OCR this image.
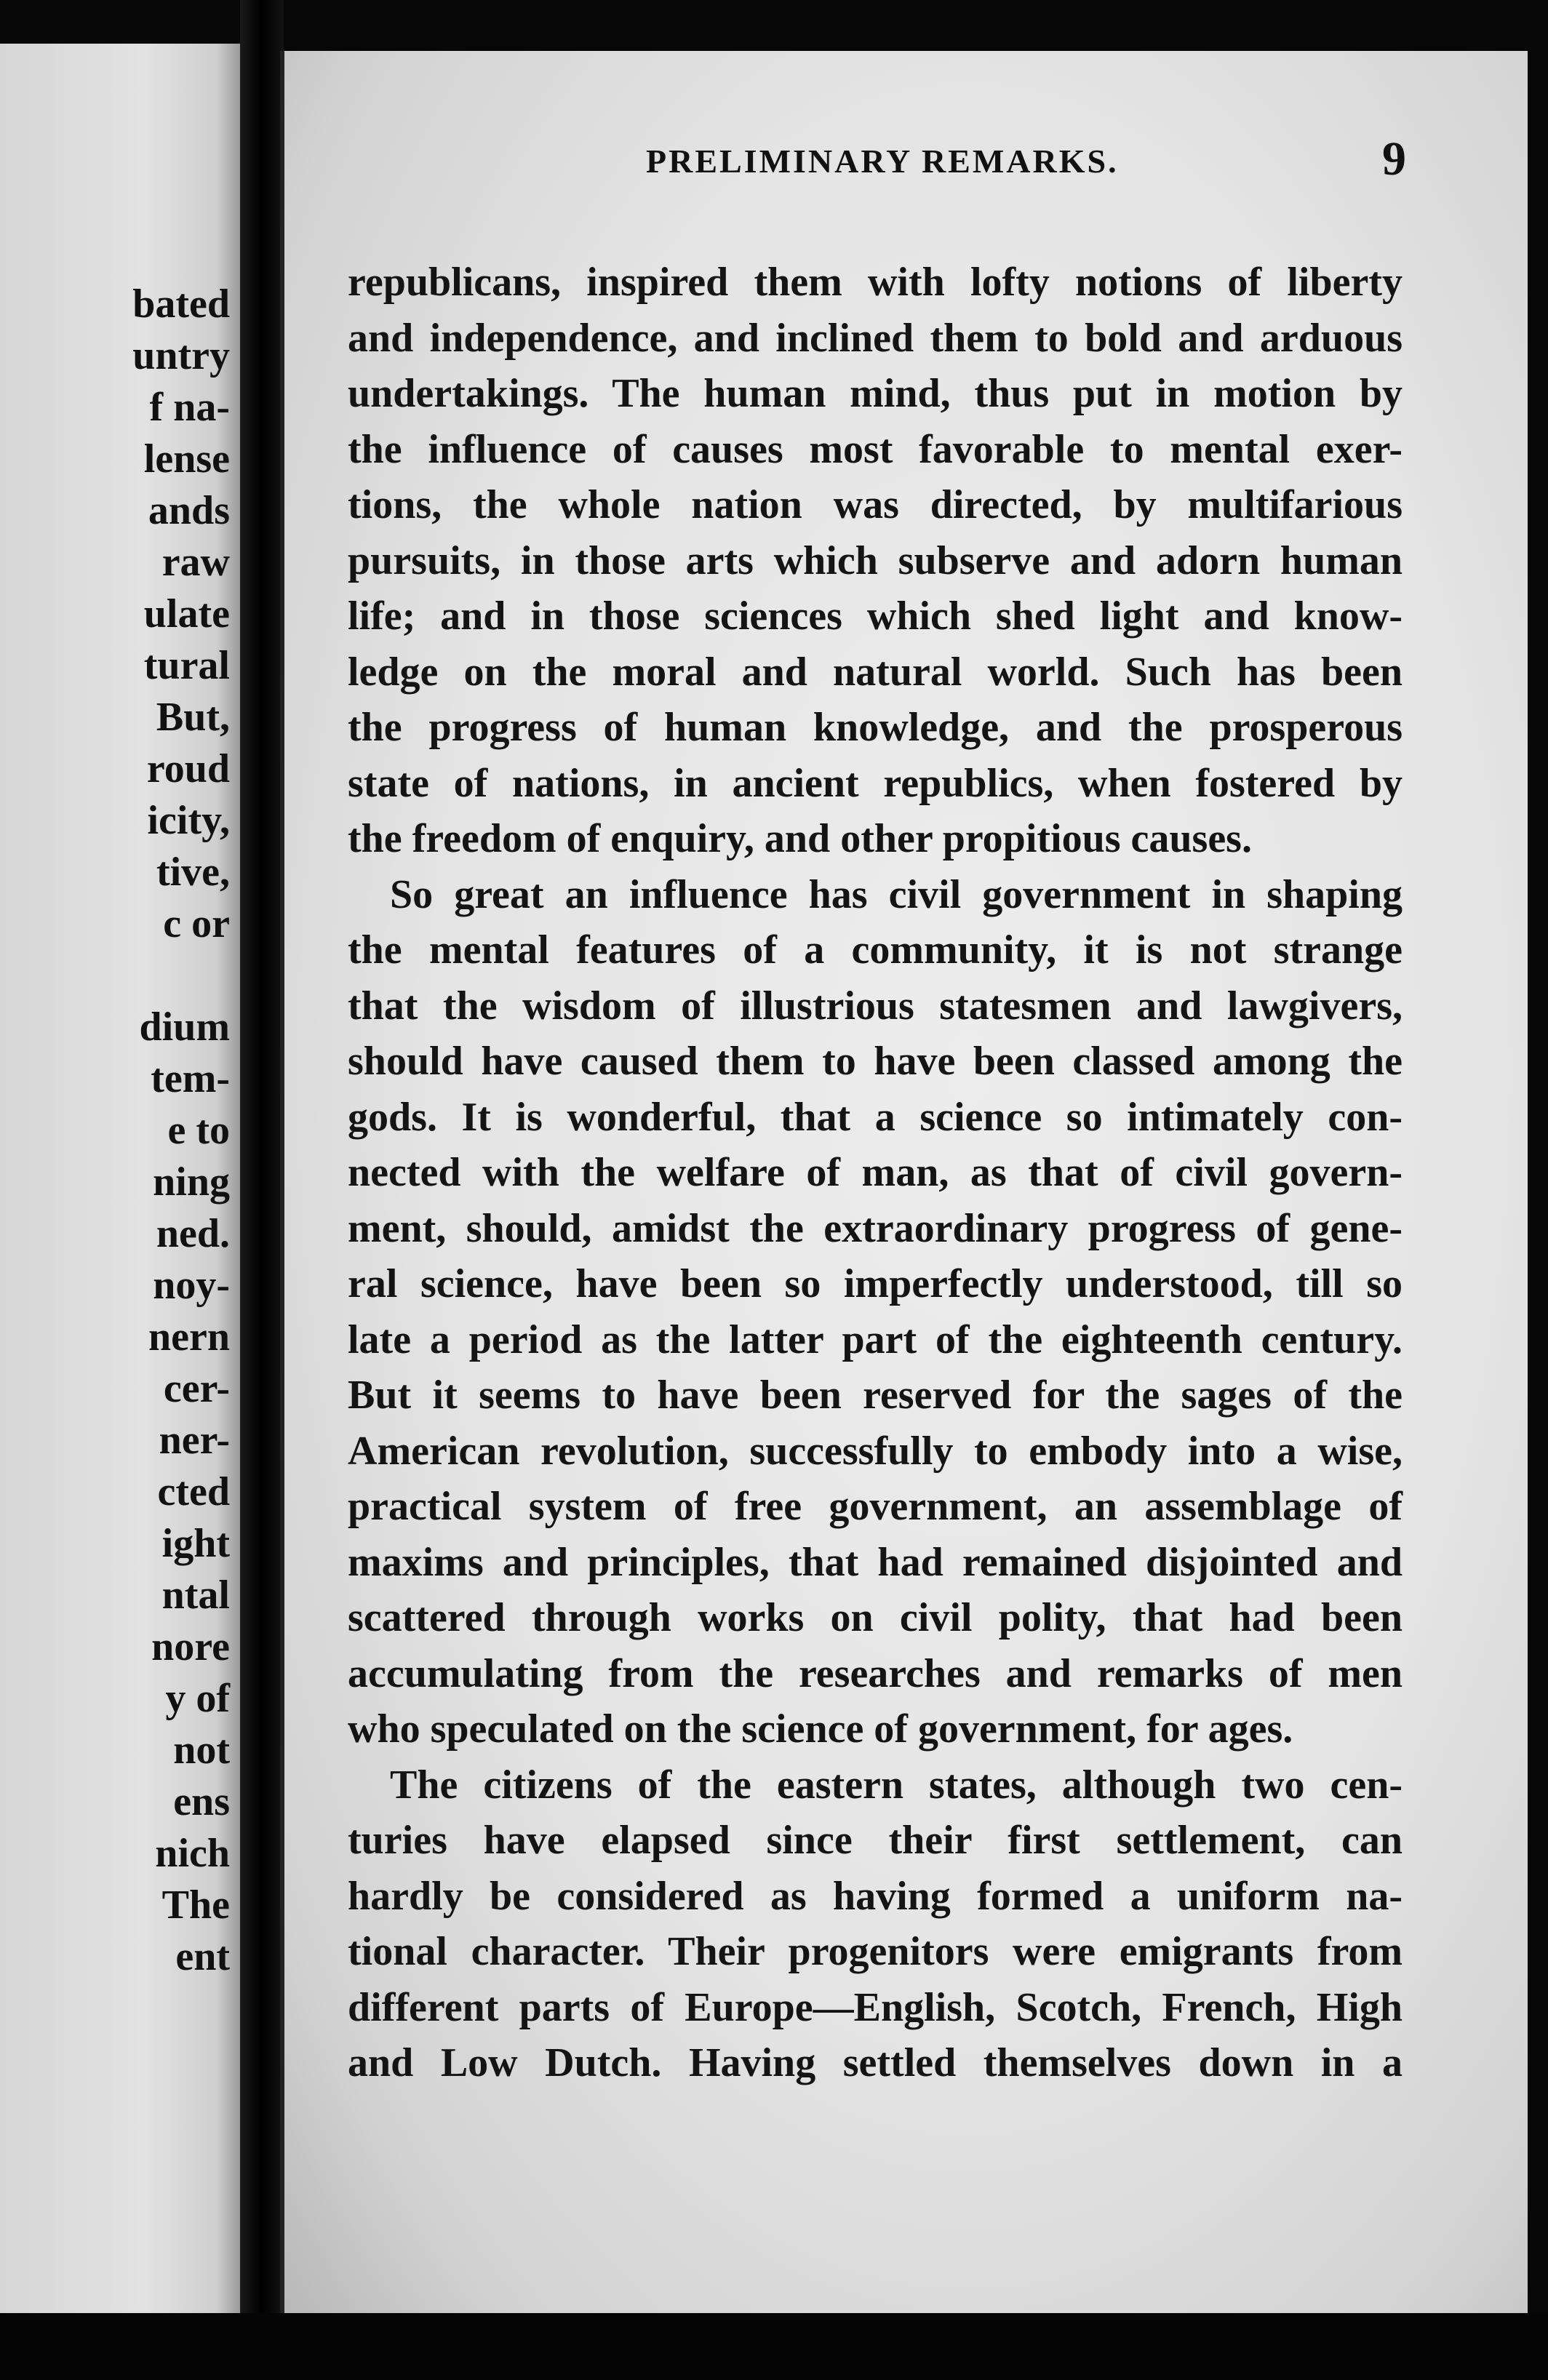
bated
untry
f na-
lense
ands
raw
ulate
tural
But,
roud
icity,
tive,
c or
dium
tem-
e to
ning
ned.
noy-
nern
cer-
ner-
cted
ight
ntal
nore
y of
not
ens
nich
The
ent
PRELIMINARY REMARKS.	9
republicans, inspired them with lofty notions of liberty
and independence, and inclined them to bold and arduous
undertakings. The human mind, thus put in motion by
the influence of causes most favorable to mental exer-
tions, the whole nation was directed, by multifarious
pursuits, in those arts which subserve and adorn human
life; and in those sciences which shed light and know-
ledge on the moral and natural world. Such has been
the progress of human knowledge, and the prosperous
state of nations, in ancient republics, when fostered by
the freedom of enquiry, and other propitious causes.
So great an influence has civil government in shaping
the mental features of a community, it is not strange
that the wisdom of illustrious statesmen and lawgivers,
should have caused them to have been classed among the
gods. It is wonderful, that a science so intimately con-
nected with the welfare of man, as that of civil govern-
ment, should, amidst the extraordinary progress of gene-
ral science, have been so imperfectly understood, till so
late a period as the latter part of the eighteenth century.
But it seems to have been reserved for the sages of the
American revolution, successfully to embody into a wise,
practical system of free government, an assemblage of
maxims and principles, that had remained disjointed and
scattered through works on civil polity, that had been
accumulating from the researches and remarks of men
who speculated on the science of government, for ages.
The citizens of the eastern states, although two cen-
turies have elapsed since their first settlement, can
hardly be considered as having formed a uniform na-
tional character. Their progenitors were emigrants from
different parts of Europe—English, Scotch, French, High
and Low Dutch. Having settled themselves down in a
